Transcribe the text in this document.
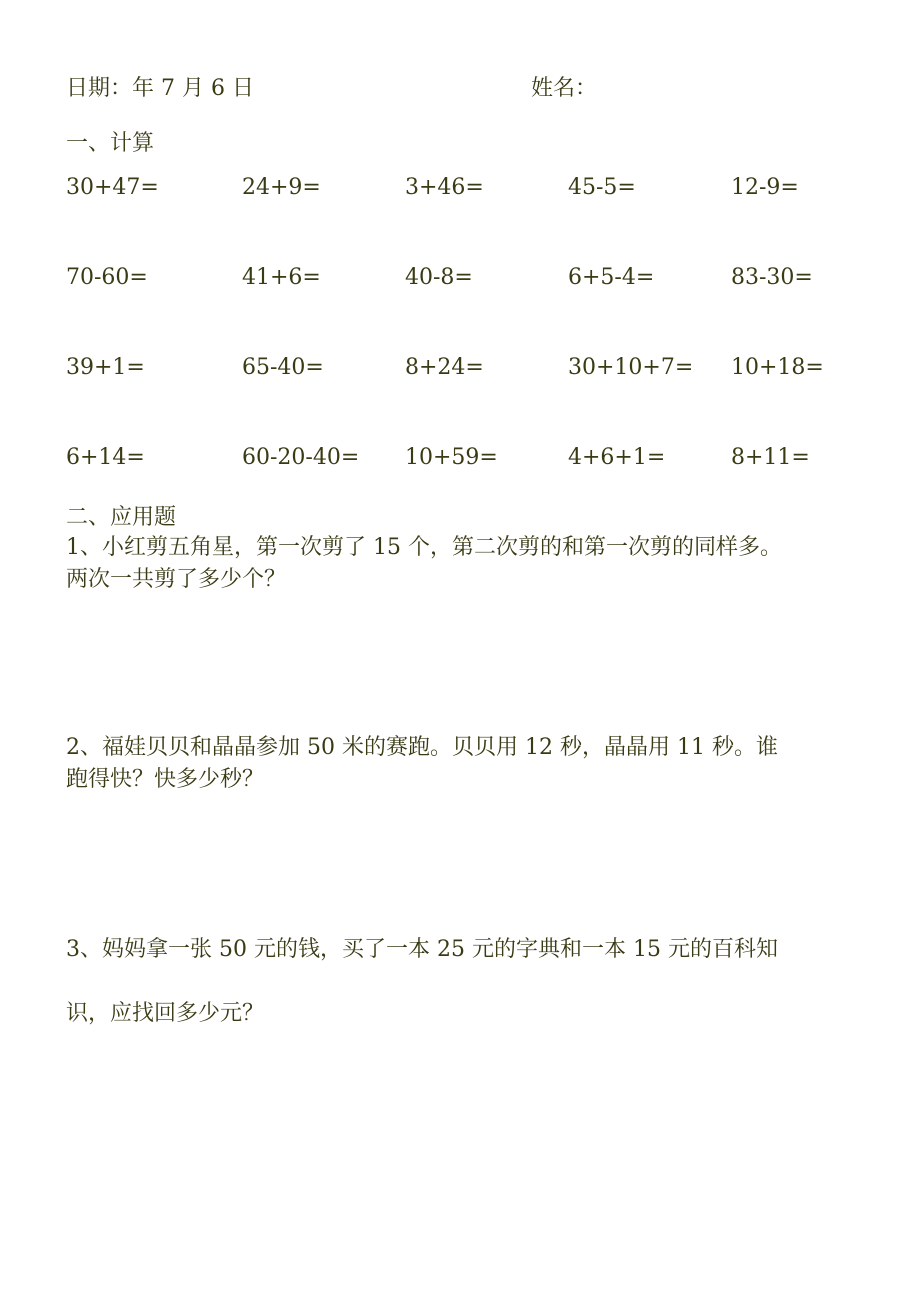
日期：年 7 月 6 日	姓名：
一、计算
30+47=	24+9=	3+46=	45-5=	12-9=
70-60=	41+6=	40-8=	6+5-4=	83-30=
39+1=	65-40=	8+24=	30+10+7= 10+18=
6+14=	60-20-40= 10+59=	4+6+1=	8+11=
二、应用题
1、小红剪五角星，第一次剪了 15 个，第二次剪的和第一次剪的同样多。
两次一共剪了多少个？
2、福娃贝贝和晶晶参加 50 米的赛跑。贝贝用 12 秒，晶晶用 11 秒。谁
跑得快？快多少秒？
3、妈妈拿一张 50 元的钱，买了一本 25 元的字典和一本 15 元的百科知
识，应找回多少元？
